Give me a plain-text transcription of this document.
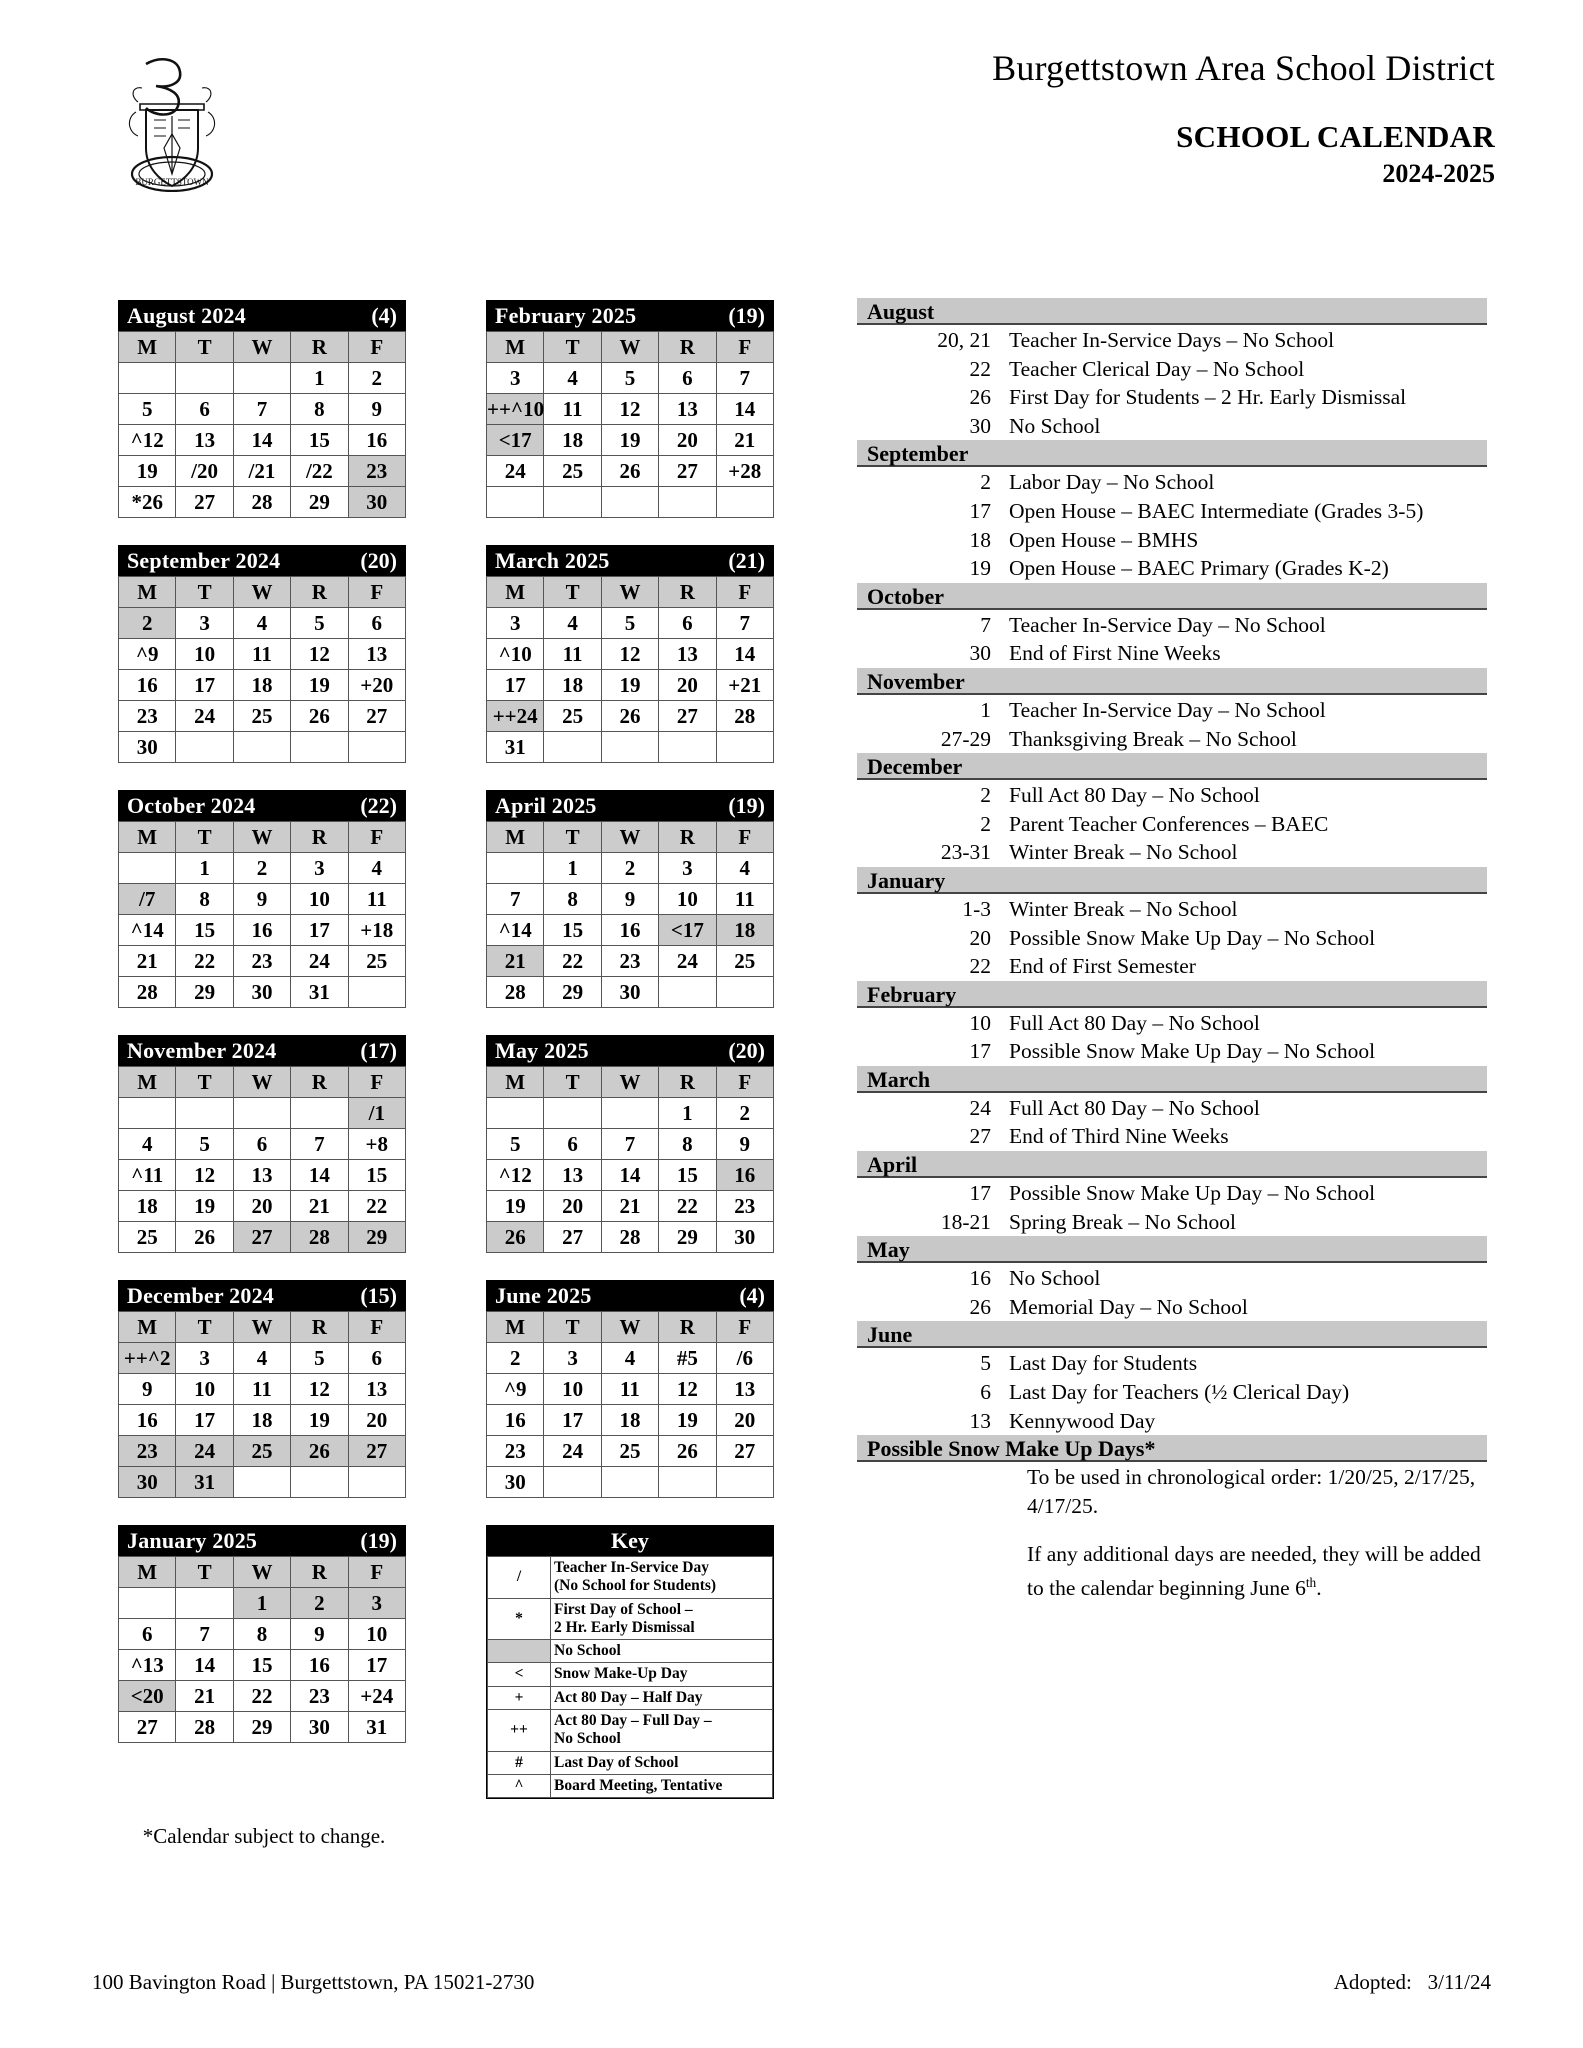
BURGETTSTOWN
Burgettstown Area School District
SCHOOL CALENDAR
2024-2025
August 2024	(4)
M	T	W	R	F
			1	2
5	6	7	8	9
^12	13	14	15	16
19	/20	/21	/22	23
*26	27	28	29	30
September 2024	(20)
M	T	W	R	F
2	3	4	5	6
^9	10	11	12	13
16	17	18	19	+20
23	24	25	26	27
30				
October 2024	(22)
M	T	W	R	F
	1	2	3	4
/7	8	9	10	11
^14	15	16	17	+18
21	22	23	24	25
28	29	30	31	
November 2024	(17)
M	T	W	R	F
				/1
4	5	6	7	+8
^11	12	13	14	15
18	19	20	21	22
25	26	27	28	29
December 2024	(15)
M	T	W	R	F
++^2	3	4	5	6
9	10	11	12	13
16	17	18	19	20
23	24	25	26	27
30	31			
January 2025	(19)
M	T	W	R	F
		1	2	3
6	7	8	9	10
^13	14	15	16	17
<20	21	22	23	+24
27	28	29	30	31
February 2025	(19)
M	T	W	R	F
3	4	5	6	7
++^10	11	12	13	14
<17	18	19	20	21
24	25	26	27	+28

March 2025	(21)
M	T	W	R	F
3	4	5	6	7
^10	11	12	13	14
17	18	19	20	+21
++24	25	26	27	28
31				
April 2025	(19)
M	T	W	R	F
	1	2	3	4
7	8	9	10	11
^14	15	16	<17	18
21	22	23	24	25
28	29	30		
May 2025	(20)
M	T	W	R	F
			1	2
5	6	7	8	9
^12	13	14	15	16
19	20	21	22	23
26	27	28	29	30
June 2025	(4)
M	T	W	R	F
2	3	4	#5	/6
^9	10	11	12	13
16	17	18	19	20
23	24	25	26	27
30				
Key
/	Teacher In-Service Day
(No School for Students)
*	First Day of School –
2 Hr. Early Dismissal
	No School
<	Snow Make-Up Day
+	Act 80 Day – Half Day
++	Act 80 Day – Full Day –
No School
#	Last Day of School
^	Board Meeting, Tentative
*Calendar subject to change.
August
20, 21 Teacher In-Service Days – No School
22 Teacher Clerical Day – No School
26 First Day for Students – 2 Hr. Early Dismissal
30 No School
September
2 Labor Day – No School
17 Open House – BAEC Intermediate (Grades 3-5)
18 Open House – BMHS
19 Open House – BAEC Primary (Grades K-2)
October
7 Teacher In-Service Day – No School
30 End of First Nine Weeks
November
1 Teacher In-Service Day – No School
27-29 Thanksgiving Break – No School
December
2 Full Act 80 Day – No School
2 Parent Teacher Conferences – BAEC
23-31 Winter Break – No School
January
1-3 Winter Break – No School
20 Possible Snow Make Up Day – No School
22 End of First Semester
February
10 Full Act 80 Day – No School
17 Possible Snow Make Up Day – No School
March
24 Full Act 80 Day – No School
27 End of Third Nine Weeks
April
17 Possible Snow Make Up Day – No School
18-21 Spring Break – No School
May
16 No School
26 Memorial Day – No School
June
5 Last Day for Students
6 Last Day for Teachers (½ Clerical Day)
13 Kennywood Day
Possible Snow Make Up Days*
To be used in chronological order: 1/20/25, 2/17/25, 4/17/25.
If any additional days are needed, they will be added to the calendar beginning June 6th.
100 Bavington Road | Burgettstown, PA 15021-2730	Adopted:   3/11/24
